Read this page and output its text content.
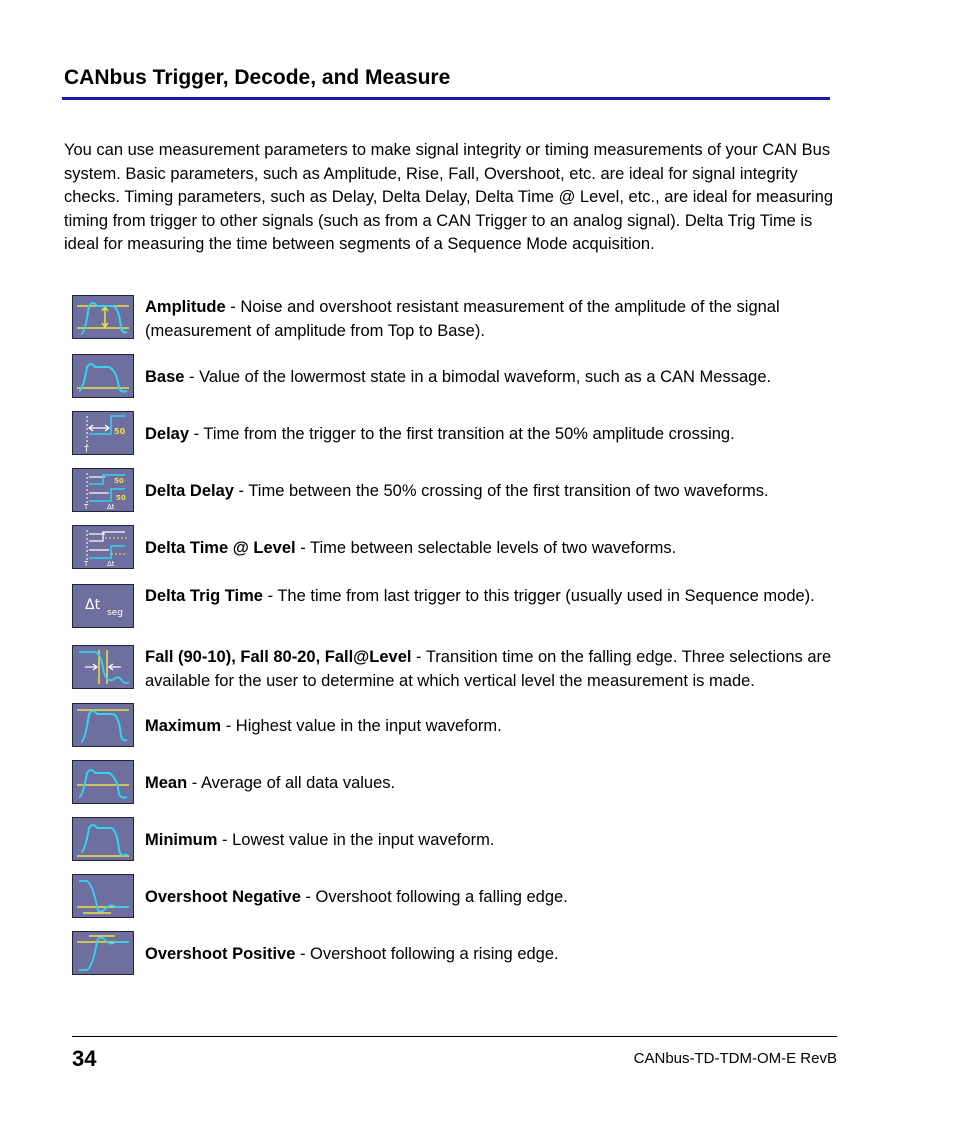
CANbus Trigger, Decode, and Measure
You can use measurement parameters to make signal integrity or timing measurements of your CAN Bus system. Basic parameters, such as Amplitude, Rise, Fall, Overshoot, etc. are ideal for signal integrity checks. Timing parameters, such as Delay, Delta Delay, Delta Time @ Level, etc., are ideal for measuring timing from trigger to other signals (such as from a CAN Trigger to an analog signal). Delta Trig Time is ideal for measuring the time between segments of a Sequence Mode acquisition.
Amplitude - Noise and overshoot resistant measurement of the amplitude of the signal (measurement of amplitude from Top to Base).
Base - Value of the lowermost state in a bimodal waveform, such as a CAN Message.
50
T
Delay - Time from the trigger to the first transition at the 50% amplitude crossing.
50
50
T	Δt
Delta Delay - Time between the 50% crossing of the first transition of two waveforms.
T	Δt
Delta Time @ Level - Time between selectable levels of two waveforms.
Δt seg
Delta Trig Time - The time from last trigger to this trigger (usually used in Sequence mode).
Fall (90-10), Fall 80-20, Fall@Level - Transition time on the falling edge. Three selections are available for the user to determine at which vertical level the measurement is made.
Maximum - Highest value in the input waveform.
Mean - Average of all data values.
Minimum - Lowest value in the input waveform.
Overshoot Negative - Overshoot following a falling edge.
Overshoot Positive - Overshoot following a rising edge.
34	CANbus-TD-TDM-OM-E RevB
